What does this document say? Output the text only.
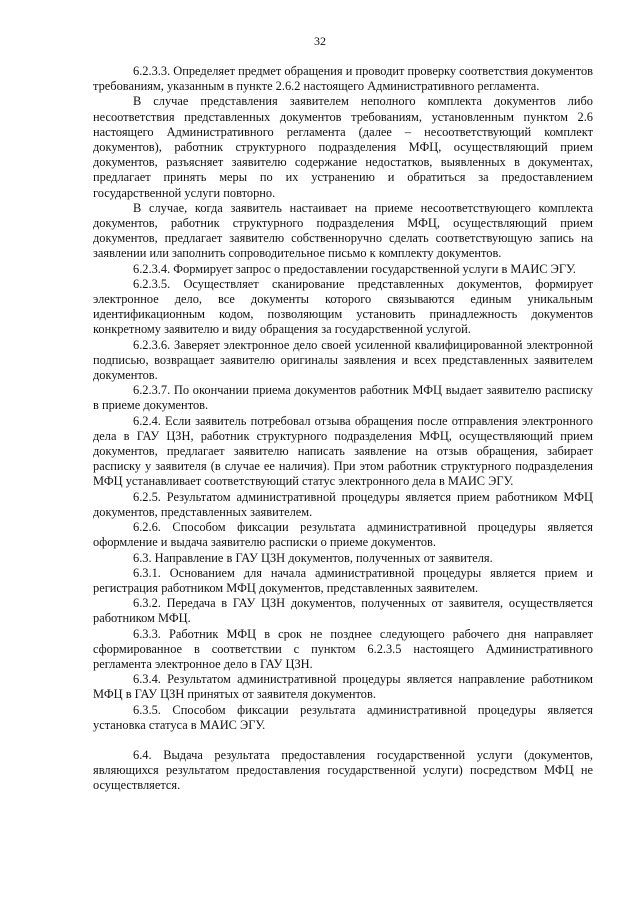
32

6.2.3.3. Определяет предмет обращения и проводит проверку соответствия документов требованиям, указанным в пункте 2.6.2 настоящего Административного регламента.

В случае представления заявителем неполного комплекта документов либо несоответствия представленных документов требованиям, установленным пунктом 2.6 настоящего Административного регламента (далее – несоответствующий комплект документов), работник структурного подразделения МФЦ, осуществляющий прием документов, разъясняет заявителю содержание недостатков, выявленных в документах, предлагает принять меры по их устранению и обратиться за предоставлением государственной услуги повторно.

В случае, когда заявитель настаивает на приеме несоответствующего комплекта документов, работник структурного подразделения МФЦ, осуществляющий прием документов, предлагает заявителю собственноручно сделать соответствующую запись на заявлении или заполнить сопроводительное письмо к комплекту документов.

6.2.3.4. Формирует запрос о предоставлении государственной услуги в МАИС ЭГУ.

6.2.3.5. Осуществляет сканирование представленных документов, формирует электронное дело, все документы которого связываются единым уникальным идентификационным кодом, позволяющим установить принадлежность документов конкретному заявителю и виду обращения за государственной услугой.

6.2.3.6. Заверяет электронное дело своей усиленной квалифицированной электронной подписью, возвращает заявителю оригиналы заявления и всех представленных заявителем документов.

6.2.3.7. По окончании приема документов работник МФЦ выдает заявителю расписку в приеме документов.

6.2.4. Если заявитель потребовал отзыва обращения после отправления электронного дела в ГАУ ЦЗН, работник структурного подразделения МФЦ, осуществляющий прием документов, предлагает заявителю написать заявление на отзыв обращения, забирает расписку у заявителя (в случае ее наличия). При этом работник структурного подразделения МФЦ устанавливает соответствующий статус электронного дела в МАИС ЭГУ.

6.2.5. Результатом административной процедуры является прием работником МФЦ документов, представленных заявителем.

6.2.6. Способом фиксации результата административной процедуры является оформление и выдача заявителю расписки о приеме документов.

6.3. Направление в ГАУ ЦЗН документов, полученных от заявителя.

6.3.1. Основанием для начала административной процедуры является прием и регистрация работником МФЦ документов, представленных заявителем.

6.3.2. Передача в ГАУ ЦЗН документов, полученных от заявителя, осуществляется работником МФЦ.

6.3.3. Работник МФЦ в срок не позднее следующего рабочего дня направляет сформированное в соответствии с пунктом 6.2.3.5 настоящего Административного регламента электронное дело в ГАУ ЦЗН.

6.3.4. Результатом административной процедуры является направление работником МФЦ в ГАУ ЦЗН принятых от заявителя документов.

6.3.5. Способом фиксации результата административной процедуры является установка статуса в МАИС ЭГУ.

6.4. Выдача результата предоставления государственной услуги (документов, являющихся результатом предоставления государственной услуги) посредством МФЦ не осуществляется.
